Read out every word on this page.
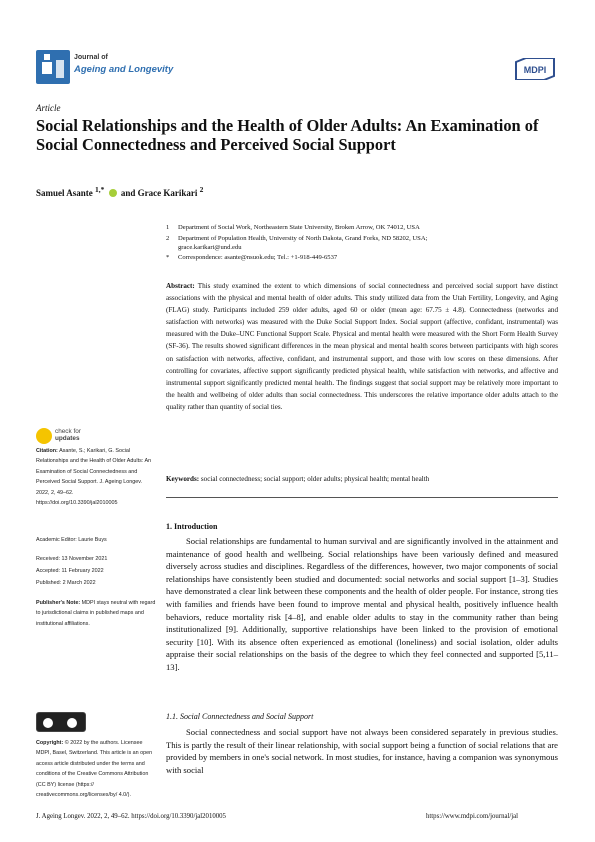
Journal of
Ageing and Longevity	MDPI
Article
Social Relationships and the Health of Older Adults: An Examination of Social Connectedness and Perceived Social Support
Samuel Asante $^{1,*}$ and Grace Karikari $^2$
1 Department of Social Work, Northeastern State University, Broken Arrow, OK 74012, USA
2 Department of Population Health, University of North Dakota, Grand Forks, ND 58202, USA;
grace.karikari@und.edu
* Correspondence: asante@nsuok.edu; Tel.: +1-918-449-6537
Abstract: This study examined the extent to which dimensions of social connectedness and perceived social support have distinct associations with the physical and mental health of older adults. This study utilized data from the Utah Fertility, Longevity, and Aging (FLAG) study. Participants included 259 older adults, aged 60 or older (mean age: 67.75 ± 4.8). Connectedness (networks and satisfaction with networks) was measured with the Duke Social Support Index. Social support (affective, confidant, instrumental) was measured with the Duke–UNC Functional Support Scale. Physical and mental health were measured with the Short Form Health Survey (SF-36). The results showed significant differences in the mean physical and mental health scores between participants with high scores on satisfaction with networks, affective, confidant, and instrumental support, and those with low scores on these dimensions. After controlling for covariates, affective support significantly predicted physical health, while satisfaction with networks, and affective and instrumental support significantly predicted mental health. The findings suggest that social support may be relatively more important to the health and wellbeing of older adults than social connectedness. This underscores the relative importance older adults attach to the quality rather than quantity of social ties.
Keywords: social connectedness; social support; older adults; physical health; mental health
check for
updates
Citation: Asante, S.; Karikari, G. Social Relationships and the Health of Older Adults: An Examination of Social Connectedness and Perceived Social Support. J. Ageing Longev. 2022, 2, 49–62. https://doi.org/10.3390/jal2010005
Academic Editor: Laurie Buys
Received: 13 November 2021
Accepted: 11 February 2022
Published: 2 March 2022
Publisher's Note: MDPI stays neutral with regard to jurisdictional claims in published maps and institutional affiliations.
Copyright: © 2022 by the authors. Licensee MDPI, Basel, Switzerland. This article is an open access article distributed under the terms and conditions of the Creative Commons Attribution (CC BY) license (https:// creativecommons.org/licenses/by/ 4.0/).
1. Introduction
Social relationships are fundamental to human survival and are significantly involved in the attainment and maintenance of good health and wellbeing. Social relationships have been variously defined and measured diversely across studies and disciplines. Regardless of the differences, however, two major components of social relationships have consistently been studied and documented: social networks and social support [1–3]. Studies have demonstrated a clear link between these components and the health of older people. For instance, strong ties with families and friends have been found to improve mental and physical health, positively influence health behaviors, reduce mortality risk [4–8], and enable older adults to stay in the community rather than being institutionalized [9]. Additionally, supportive relationships have been linked to the provision of emotional security [10]. With its absence often experienced as emotional (loneliness) and social isolation, older adults appraise their social relationships on the basis of the degree to which they feel connected and supported [5,11–13].
1.1. Social Connectedness and Social Support
Social connectedness and social support have not always been considered separately in previous studies. This is partly the result of their linear relationship, with social support being a function of social relations that are provided by members in one's social network. In most studies, for instance, having a companion was synonymous with social
J. Ageing Longev. 2022, 2, 49–62. https://doi.org/10.3390/jal2010005	https://www.mdpi.com/journal/jal
